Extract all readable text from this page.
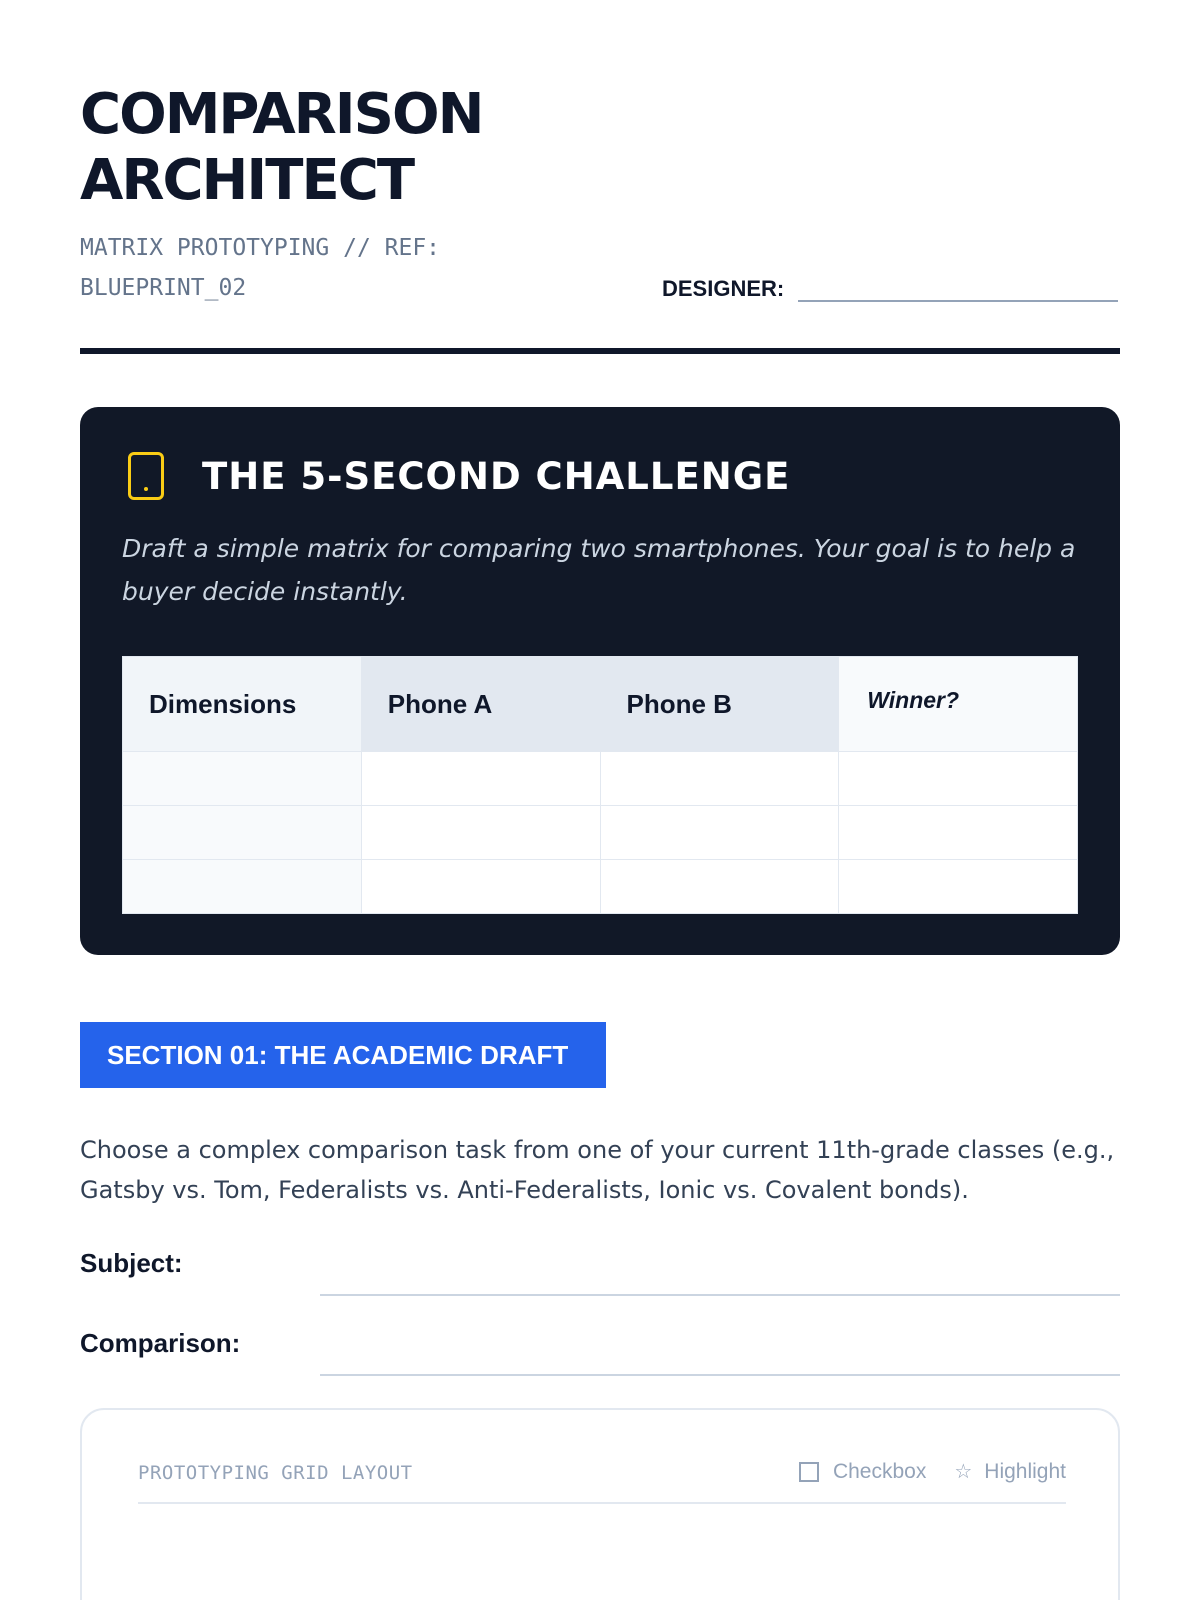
COMPARISON
ARCHITECT
MATRIX PROTOTYPING // REF:
BLUEPRINT_02	DESIGNER:
THE 5-SECOND CHALLENGE

Draft a simple matrix for comparing two smartphones. Your goal is to help a buyer decide instantly.

Dimensions	Phone A	Phone B	Winner?

SECTION 01: THE ACADEMIC DRAFT

Choose a complex comparison task from one of your current 11th-grade classes (e.g., Gatsby vs. Tom, Federalists vs. Anti-Federalists, Ionic vs. Covalent bonds).

Subject:
Comparison:
PROTOTYPING GRID LAYOUT	Checkbox ☆ Highlight
